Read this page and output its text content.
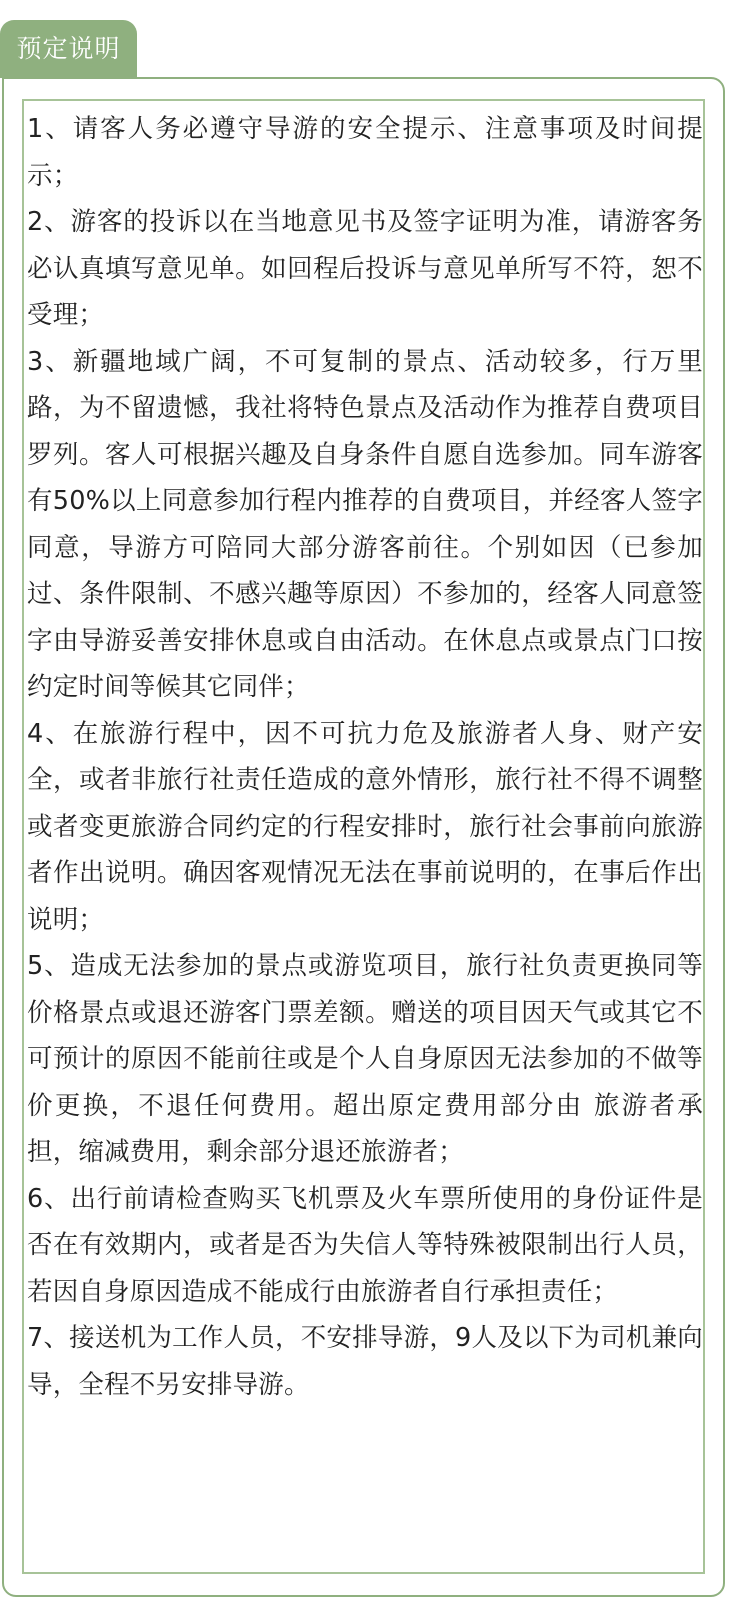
预定说明

1、请客人务必遵守导游的安全提示、注意事项及时间提示；

2、游客的投诉以在当地意见书及签字证明为准，请游客务必认真填写意见单。如回程后投诉与意见单所写不符，恕不受理；

3、新疆地域广阔，不可复制的景点、活动较多，行万里路，为不留遗憾，我社将特色景点及活动作为推荐自费项目罗列。客人可根据兴趣及自身条件自愿自选参加。同车游客有50%以上同意参加行程内推荐的自费项目，并经客人签字同意，导游方可陪同大部分游客前往。个别如因（已参加过、条件限制、不感兴趣等原因）不参加的，经客人同意签字由导游妥善安排休息或自由活动。在休息点或景点门口按约定时间等候其它同伴；

4、在旅游行程中，因不可抗力危及旅游者人身、财产安全，或者非旅行社责任造成的意外情形，旅行社不得不调整或者变更旅游合同约定的行程安排时，旅行社会事前向旅游者作出说明。确因客观情况无法在事前说明的，在事后作出说明；

5、造成无法参加的景点或游览项目，旅行社负责更换同等价格景点或退还游客门票差额。赠送的项目因天气或其它不可预计的原因不能前往或是个人自身原因无法参加的不做等价更换，不退任何费用。超出原定费用部分由 旅游者承担，缩减费用，剩余部分退还旅游者；

6、出行前请检查购买飞机票及火车票所使用的身份证件是否在有效期内，或者是否为失信人等特殊被限制出行人员，若因自身原因造成不能成行由旅游者自行承担责任；

7、接送机为工作人员，不安排导游，9人及以下为司机兼向导，全程不另安排导游。
